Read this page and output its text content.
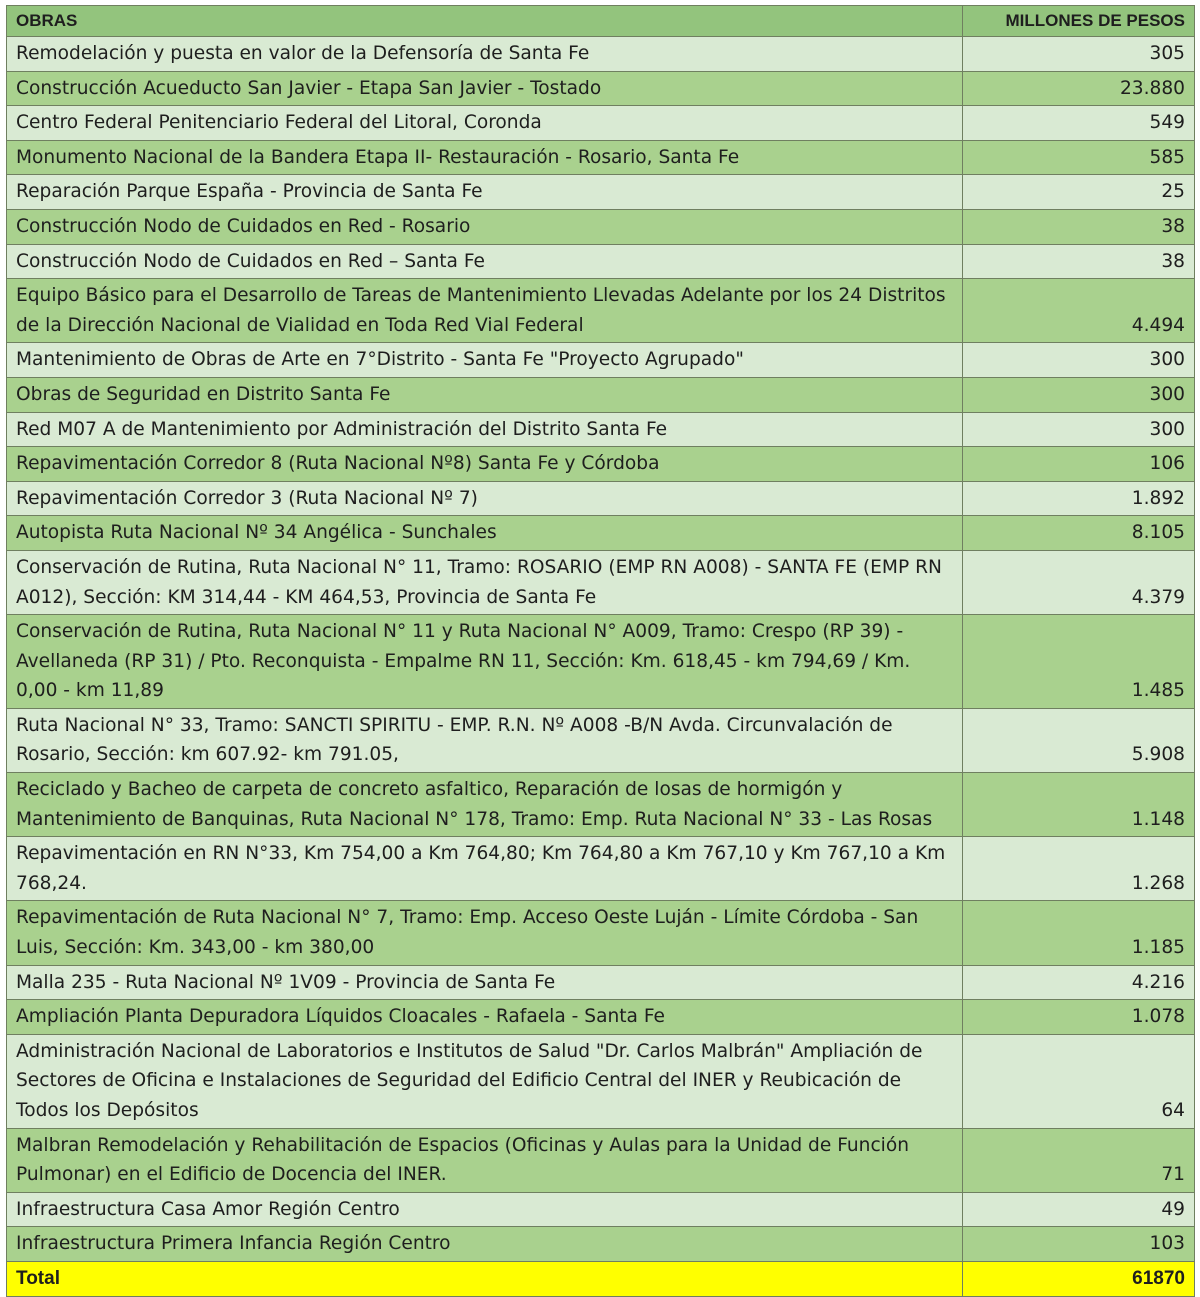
OBRAS	MILLONES DE PESOS
Remodelación y puesta en valor de la Defensoría de Santa Fe	305
Construcción Acueducto San Javier - Etapa San Javier - Tostado	23.880
Centro Federal Penitenciario Federal del Litoral, Coronda	549
Monumento Nacional de la Bandera Etapa II- Restauración - Rosario, Santa Fe	585
Reparación Parque España - Provincia de Santa Fe	25
Construcción Nodo de Cuidados en Red - Rosario	38
Construcción Nodo de Cuidados en Red – Santa Fe	38
Equipo Básico para el Desarrollo de Tareas de Mantenimiento Llevadas Adelante por los 24 Distritos de la Dirección Nacional de Vialidad en Toda Red Vial Federal	4.494
Mantenimiento de Obras de Arte en 7°Distrito - Santa Fe "Proyecto Agrupado"	300
Obras de Seguridad en Distrito Santa Fe	300
Red M07 A de Mantenimiento por Administración del Distrito Santa Fe	300
Repavimentación Corredor 8 (Ruta Nacional Nº8) Santa Fe y Córdoba	106
Repavimentación Corredor 3 (Ruta Nacional Nº 7)	1.892
Autopista Ruta Nacional Nº 34 Angélica - Sunchales	8.105
Conservación de Rutina, Ruta Nacional N° 11, Tramo: ROSARIO (EMP RN A008) - SANTA FE (EMP RN A012), Sección: KM 314,44 - KM 464,53, Provincia de Santa Fe	4.379
Conservación de Rutina, Ruta Nacional N° 11 y Ruta Nacional N° A009, Tramo: Crespo (RP 39) - Avellaneda (RP 31) / Pto. Reconquista - Empalme RN 11, Sección: Km. 618,45 - km 794,69 / Km. 0,00 - km 11,89	1.485
Ruta Nacional N° 33, Tramo: SANCTI SPIRITU - EMP. R.N. Nº A008 -B/N Avda. Circunvalación de Rosario, Sección: km 607.92- km 791.05,	5.908
Reciclado y Bacheo de carpeta de concreto asfaltico, Reparación de losas de hormigón y Mantenimiento de Banquinas, Ruta Nacional N° 178, Tramo: Emp. Ruta Nacional N° 33 - Las Rosas	1.148
Repavimentación en RN N°33, Km 754,00 a Km 764,80; Km 764,80 a Km 767,10 y Km 767,10 a Km 768,24.	1.268
Repavimentación de Ruta Nacional N° 7, Tramo: Emp. Acceso Oeste Luján - Límite Córdoba - San Luis, Sección: Km. 343,00 - km 380,00	1.185
Malla 235 - Ruta Nacional Nº 1V09 - Provincia de Santa Fe	4.216
Ampliación Planta Depuradora Líquidos Cloacales - Rafaela - Santa Fe	1.078
Administración Nacional de Laboratorios e Institutos de Salud "Dr. Carlos Malbrán" Ampliación de Sectores de Oficina e Instalaciones de Seguridad del Edificio Central del INER y Reubicación de Todos los Depósitos	64
Malbran Remodelación y Rehabilitación de Espacios (Oficinas y Aulas para la Unidad de Función Pulmonar) en el Edificio de Docencia del INER.	71
Infraestructura Casa Amor Región Centro	49
Infraestructura Primera Infancia Región Centro	103
Total	61870
